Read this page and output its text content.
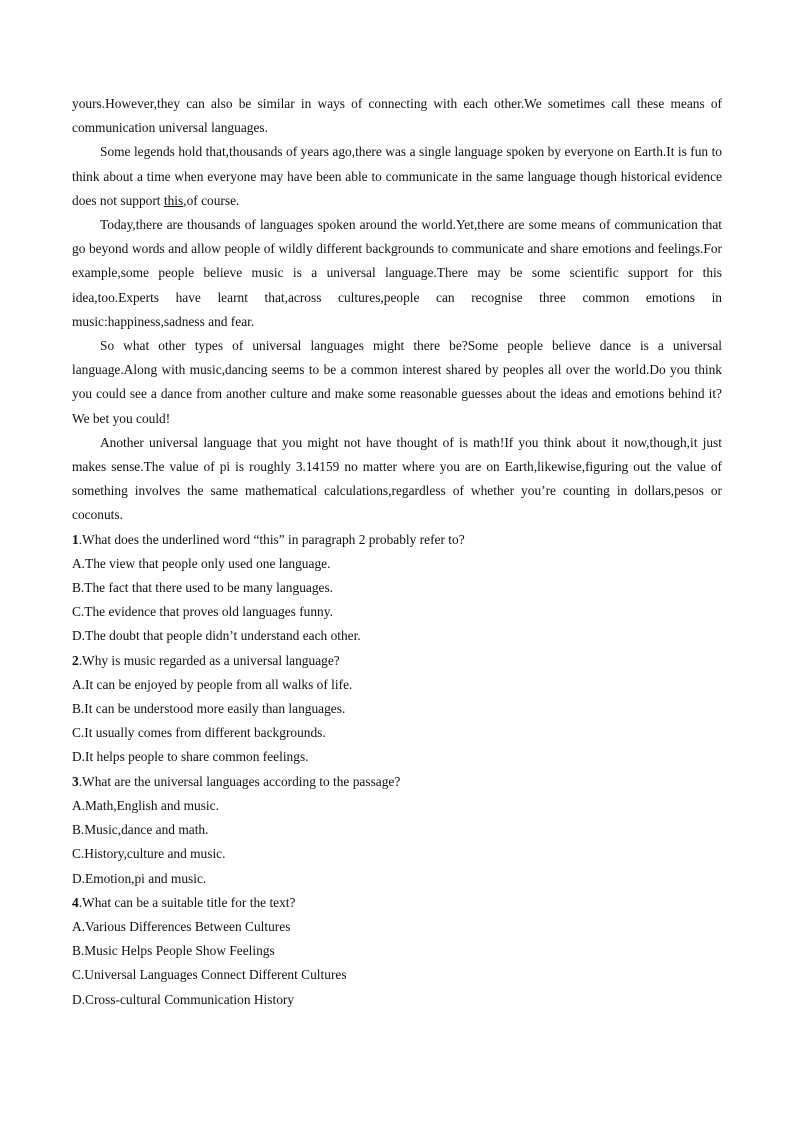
yours.However,they can also be similar in ways of connecting with each other.We sometimes call these means of communication universal languages.

Some legends hold that,thousands of years ago,there was a single language spoken by everyone on Earth.It is fun to think about a time when everyone may have been able to communicate in the same language though historical evidence does not support this,of course.

Today,there are thousands of languages spoken around the world.Yet,there are some means of communication that go beyond words and allow people of wildly different backgrounds to communicate and share emotions and feelings.For example,some people believe music is a universal language.There may be some scientific support for this idea,too.Experts have learnt that,across cultures,people can recognise three common emotions in music:happiness,sadness and fear.

So what other types of universal languages might there be?Some people believe dance is a universal language.Along with music,dancing seems to be a common interest shared by peoples all over the world.Do you think you could see a dance from another culture and make some reasonable guesses about the ideas and emotions behind it?We bet you could!

Another universal language that you might not have thought of is math!If you think about it now,though,it just makes sense.The value of pi is roughly 3.14159 no matter where you are on Earth,likewise,figuring out the value of something involves the same mathematical calculations,regardless of whether you’re counting in dollars,pesos or coconuts.

1.What does the underlined word “this” in paragraph 2 probably refer to?

A.The view that people only used one language.

B.The fact that there used to be many languages.

C.The evidence that proves old languages funny.

D.The doubt that people didn’t understand each other.

2.Why is music regarded as a universal language?

A.It can be enjoyed by people from all walks of life.

B.It can be understood more easily than languages.

C.It usually comes from different backgrounds.

D.It helps people to share common feelings.

3.What are the universal languages according to the passage?

A.Math,English and music.

B.Music,dance and math.

C.History,culture and music.

D.Emotion,pi and music.

4.What can be a suitable title for the text?

A.Various Differences Between Cultures

B.Music Helps People Show Feelings

C.Universal Languages Connect Different Cultures

D.Cross-cultural Communication History
